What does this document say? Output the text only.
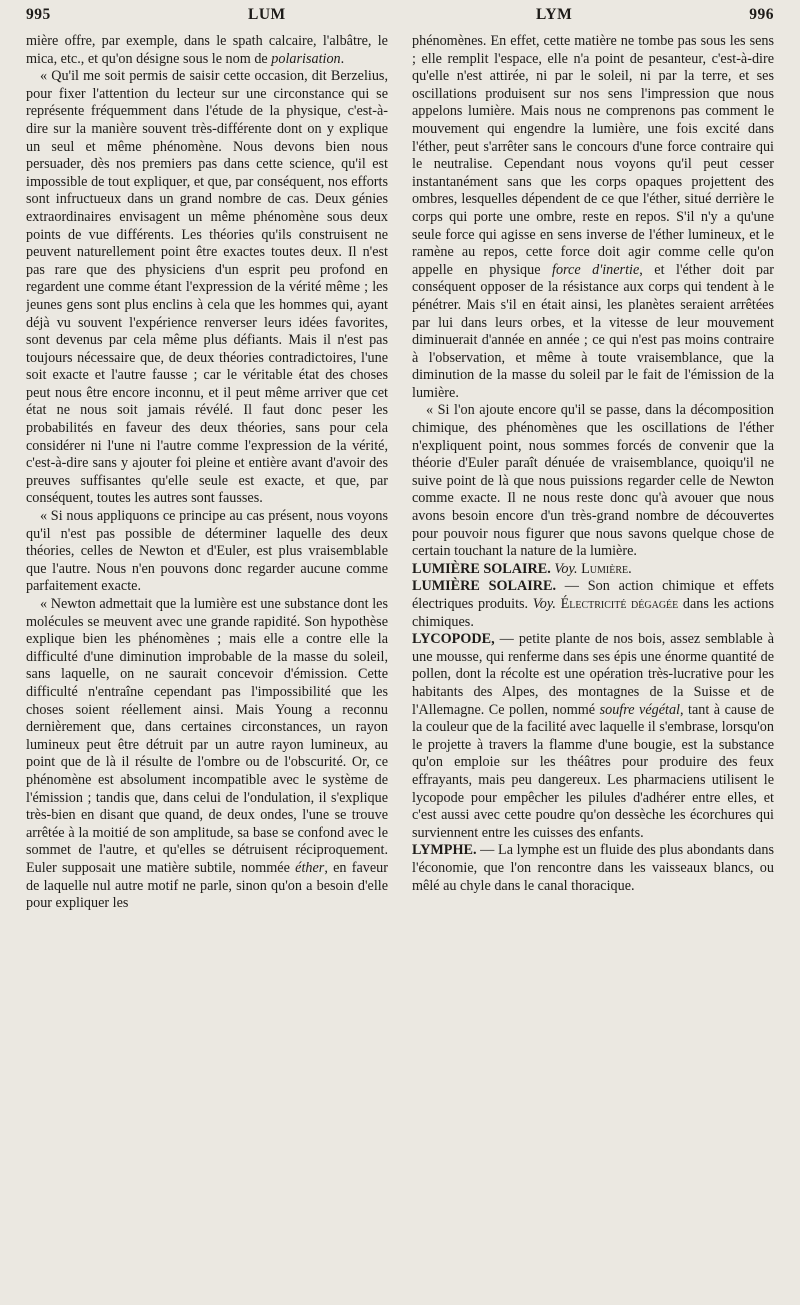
995	LUM	LYM	996

mière offre, par exemple, dans le spath calcaire, l'albâtre, le mica, etc., et qu'on désigne sous le nom de polarisation.

« Qu'il me soit permis de saisir cette occasion, dit Berzelius, pour fixer l'attention du lecteur sur une circonstance qui se représente fréquemment dans l'étude de la physique, c'est-à-dire sur la manière souvent très-différente dont on y explique un seul et même phénomène. Nous devons bien nous persuader, dès nos premiers pas dans cette science, qu'il est impossible de tout expliquer, et que, par conséquent, nos efforts sont infructueux dans un grand nombre de cas. Deux génies extraordinaires envisagent un même phénomène sous deux points de vue différents. Les théories qu'ils construisent ne peuvent naturellement point être exactes toutes deux. Il n'est pas rare que des physiciens d'un esprit peu profond en regardent une comme étant l'expression de la vérité même ; les jeunes gens sont plus enclins à cela que les hommes qui, ayant déjà vu souvent l'expérience renverser leurs idées favorites, sont devenus par cela même plus défiants. Mais il n'est pas toujours nécessaire que, de deux théories contradictoires, l'une soit exacte et l'autre fausse ; car le véritable état des choses peut nous être encore inconnu, et il peut même arriver que cet état ne nous soit jamais révélé. Il faut donc peser les probabilités en faveur des deux théories, sans pour cela considérer ni l'une ni l'autre comme l'expression de la vérité, c'est-à-dire sans y ajouter foi pleine et entière avant d'avoir des preuves suffisantes qu'elle seule est exacte, et que, par conséquent, toutes les autres sont fausses.

« Si nous appliquons ce principe au cas présent, nous voyons qu'il n'est pas possible de déterminer laquelle des deux théories, celles de Newton et d'Euler, est plus vraisemblable que l'autre. Nous n'en pouvons donc regarder aucune comme parfaitement exacte.

« Newton admettait que la lumière est une substance dont les molécules se meuvent avec une grande rapidité. Son hypothèse explique bien les phénomènes ; mais elle a contre elle la difficulté d'une diminution improbable de la masse du soleil, sans laquelle, on ne saurait concevoir d'émission. Cette difficulté n'entraîne cependant pas l'impossibilité que les choses soient réellement ainsi. Mais Young a reconnu dernièrement que, dans certaines circonstances, un rayon lumineux peut être détruit par un autre rayon lumineux, au point que de là il résulte de l'ombre ou de l'obscurité. Or, ce phénomène est absolument incompatible avec le système de l'émission ; tandis que, dans celui de l'ondulation, il s'explique très-bien en disant que quand, de deux ondes, l'une se trouve arrêtée à la moitié de son amplitude, sa base se confond avec le sommet de l'autre, et qu'elles se détruisent réciproquement. Euler supposait une matière subtile, nommée éther, en faveur de laquelle nul autre motif ne parle, sinon qu'on a besoin d'elle pour expliquer les

phénomènes. En effet, cette matière ne tombe pas sous les sens ; elle remplit l'espace, elle n'a point de pesanteur, c'est-à-dire qu'elle n'est attirée, ni par le soleil, ni par la terre, et ses oscillations produisent sur nos sens l'impression que nous appelons lumière. Mais nous ne comprenons pas comment le mouvement qui engendre la lumière, une fois excité dans l'éther, peut s'arrêter sans le concours d'une force contraire qui le neutralise. Cependant nous voyons qu'il peut cesser instantanément sans que les corps opaques projettent des ombres, lesquelles dépendent de ce que l'éther, situé derrière le corps qui porte une ombre, reste en repos. S'il n'y a qu'une seule force qui agisse en sens inverse de l'éther lumineux, et le ramène au repos, cette force doit agir comme celle qu'on appelle en physique force d'inertie, et l'éther doit par conséquent opposer de la résistance aux corps qui tendent à le pénétrer. Mais s'il en était ainsi, les planètes seraient arrêtées par lui dans leurs orbes, et la vitesse de leur mouvement diminuerait d'année en année ; ce qui n'est pas moins contraire à l'observation, et même à toute vraisemblance, que la diminution de la masse du soleil par le fait de l'émission de la lumière.

« Si l'on ajoute encore qu'il se passe, dans la décomposition chimique, des phénomènes que les oscillations de l'éther n'expliquent point, nous sommes forcés de convenir que la théorie d'Euler paraît dénuée de vraisemblance, quoiqu'il ne suive point de là que nous puissions regarder celle de Newton comme exacte. Il ne nous reste donc qu'à avouer que nous avons besoin encore d'un très-grand nombre de découvertes pour pouvoir nous figurer que nous savons quelque chose de certain touchant la nature de la lumière.

LUMIÈRE SOLAIRE. Voy. Lumière.

LUMIÈRE SOLAIRE. — Son action chimique et effets électriques produits. Voy. Électricité dégagée dans les actions chimiques.

LYCOPODE, — petite plante de nos bois, assez semblable à une mousse, qui renferme dans ses épis une énorme quantité de pollen, dont la récolte est une opération très-lucrative pour les habitants des Alpes, des montagnes de la Suisse et de l'Allemagne. Ce pollen, nommé soufre végétal, tant à cause de la couleur que de la facilité avec laquelle il s'embrase, lorsqu'on le projette à travers la flamme d'une bougie, est la substance qu'on emploie sur les théâtres pour produire des feux effrayants, mais peu dangereux. Les pharmaciens utilisent le lycopode pour empêcher les pilules d'adhérer entre elles, et c'est aussi avec cette poudre qu'on dessèche les écorchures qui surviennent entre les cuisses des enfants.

LYMPHE. — La lymphe est un fluide des plus abondants dans l'économie, que l'on rencontre dans les vaisseaux blancs, ou mêlé au chyle dans le canal thoracique.
